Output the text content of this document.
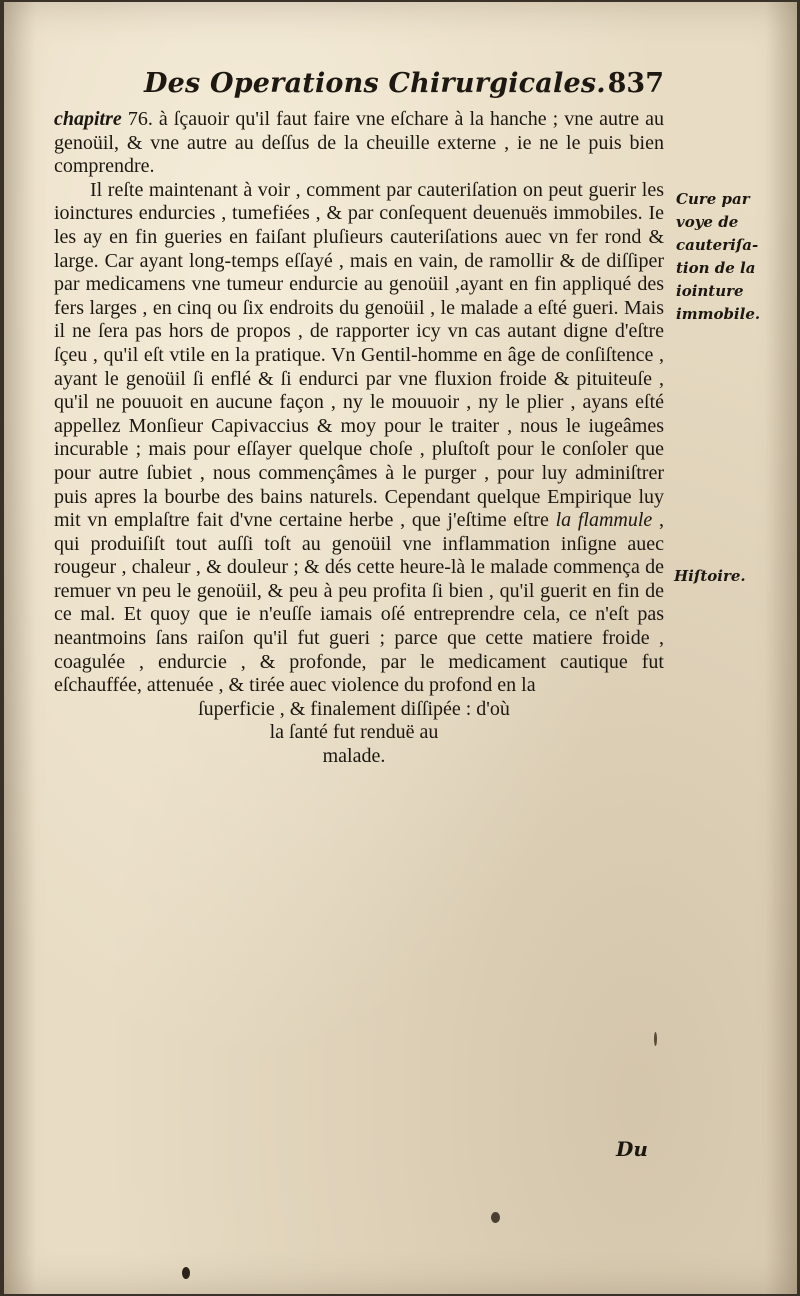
Des Operations Chirurgicales. 837

chapitre 76. à ſçauoir qu'il faut faire vne eſchare à la hanche ; vne autre au genoüil, & vne autre au deſſus de la cheuille externe , ie ne le puis bien comprendre.

Il reſte maintenant à voir , comment par cauteriſation on peut guerir les ioinctures endurcies , tumefiées , & par conſequent deuenuës immobiles. Ie les ay en fin gueries en faiſant pluſieurs cauteriſations auec vn fer rond & large. Car ayant long-temps eſſayé , mais en vain, de ramollir & de diſſiper par medicamens vne tumeur endurcie au genoüil ,ayant en fin appliqué des fers larges , en cinq ou ſix endroits du genoüil , le malade a eſté gueri. Mais il ne ſera pas hors de propos , de rapporter icy vn cas autant digne d'eſtre ſçeu , qu'il eſt vtile en la pratique. Vn Gentil-homme en âge de conſiſtence , ayant le genoüil ſi enflé & ſi endurci par vne fluxion froide & pituiteuſe , qu'il ne pouuoit en aucune façon , ny le mouuoir , ny le plier , ayans eſté appellez Monſieur Capivaccius & moy pour le traiter , nous le iugeâmes incurable ; mais pour eſſayer quelque choſe , pluſtoſt pour le conſoler que pour autre ſubiet , nous commençâmes à le purger , pour luy adminiſtrer puis apres la bourbe des bains naturels. Cependant quelque Empirique luy mit vn emplaſtre fait d'vne certaine herbe , que j'eſtime eſtre la flammule , qui produiſiſt tout auſſi toſt au genoüil vne inflammation inſigne auec rougeur , chaleur , & douleur ; & dés cette heure-là le malade commença de remuer vn peu le genoüil, & peu à peu profita ſi bien , qu'il guerit en fin de ce mal. Et quoy que ie n'euſſe iamais oſé entreprendre cela, ce n'eſt pas neantmoins ſans raiſon qu'il fut gueri ; parce que cette matiere froide , coagulée , endurcie , & profonde, par le medicament cautique fut eſchauffée, attenuée , & tirée auec violence du profond en la

ſuperficie , & finalement diſſipée : d'où
la ſanté fut renduë au
malade.

Cure par
voye de
cauteriſa-
tion de la
iointure
immobile.
Hiſtoire.
Du
